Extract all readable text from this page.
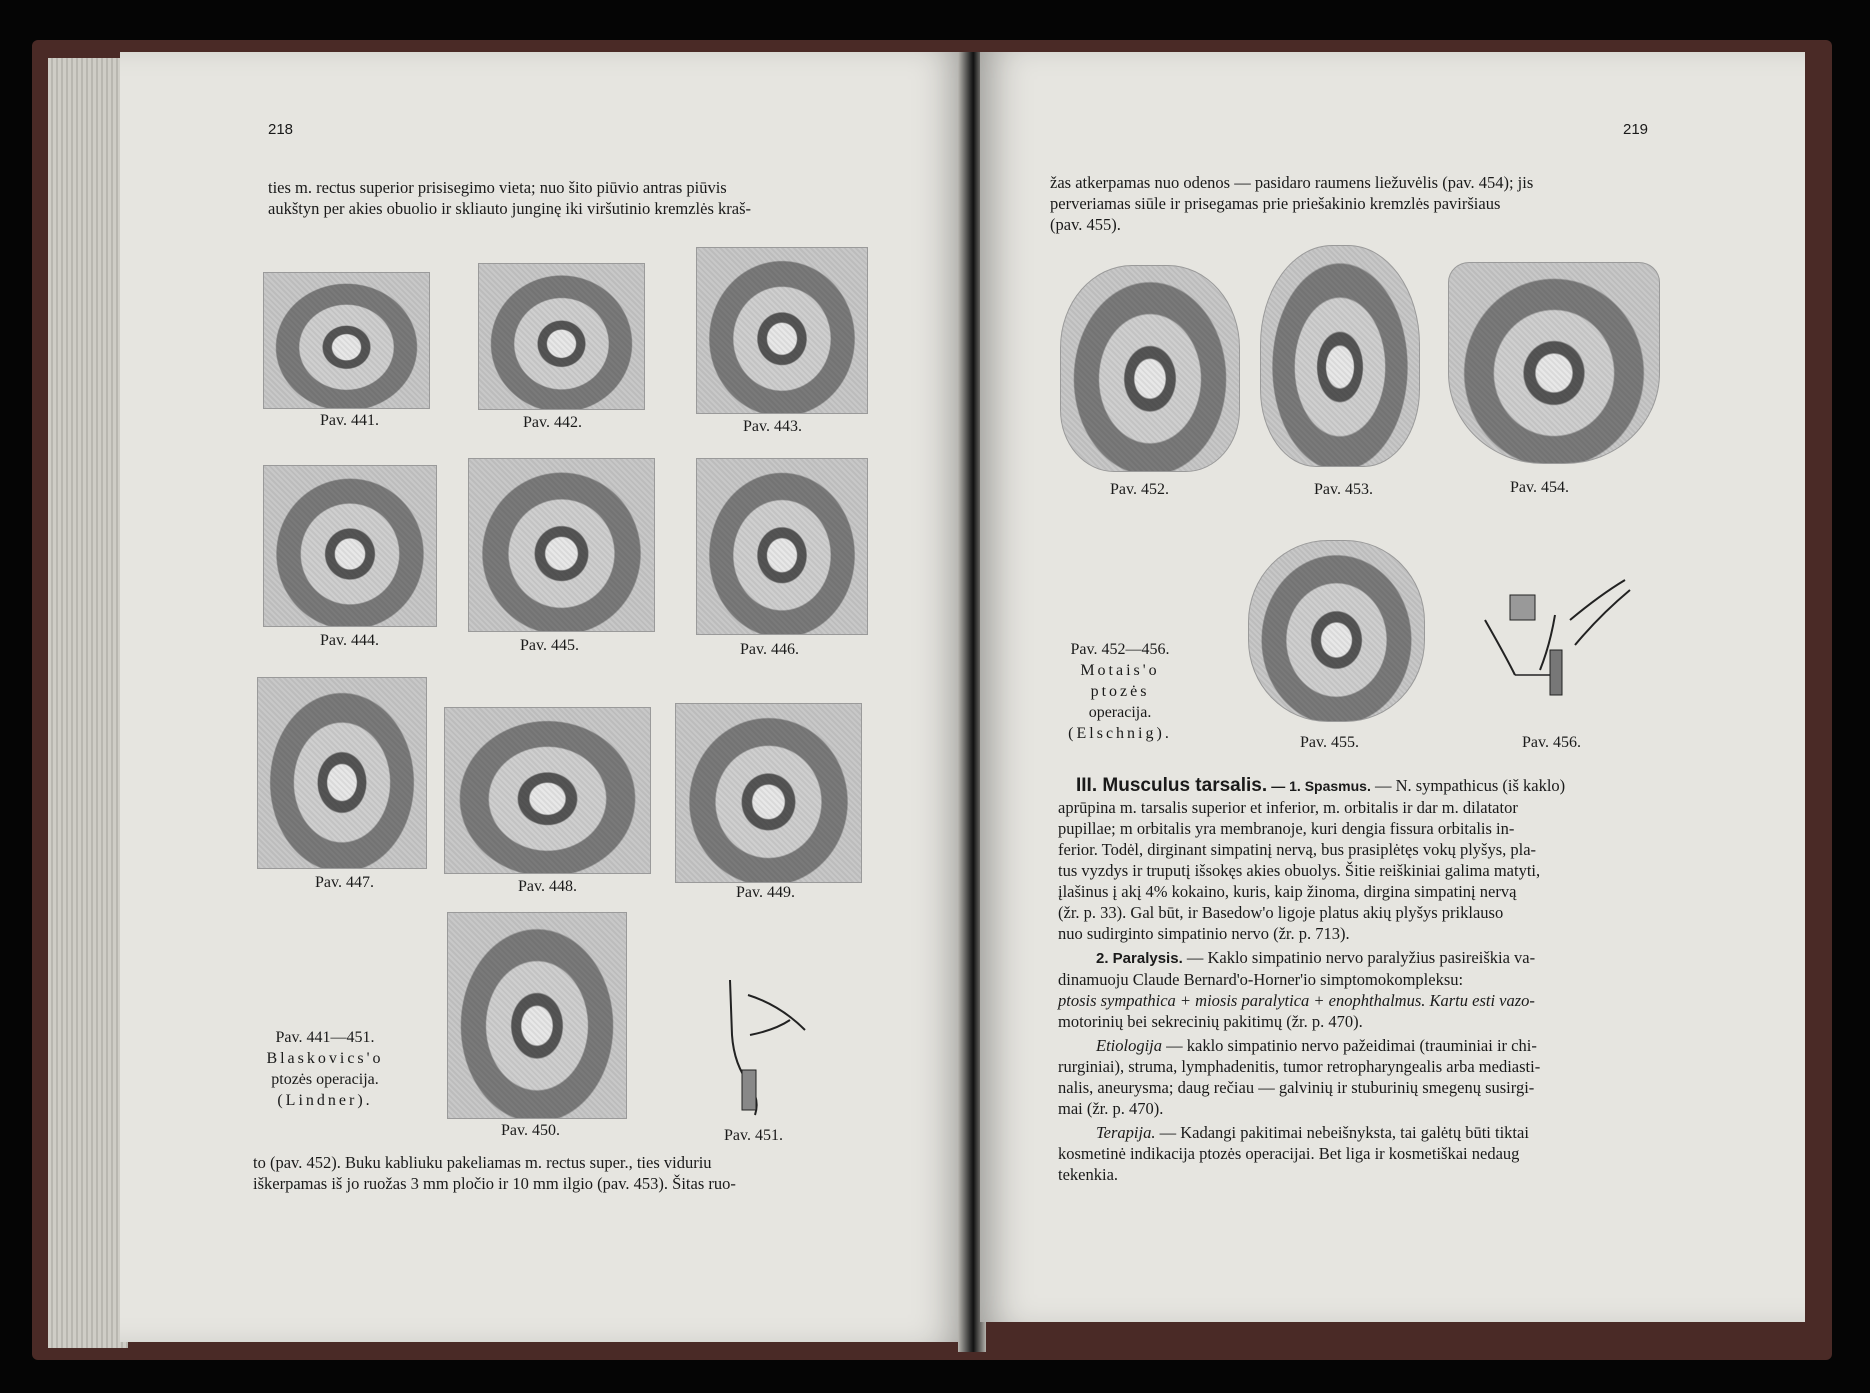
218

ties m. rectus superior prisisegimo vieta; nuo šito piūvio antras piūvis

aukštyn per akies obuolio ir skliauto junginę iki viršutinio kremzlės kraš-

Pav. 441.	Pav. 442.	Pav. 443.
Pav. 444.	Pav. 445.	Pav. 446.
Pav. 447.	Pav. 448.	Pav. 449.
Pav. 441—451.
Blaskovics'o
ptozės operacija.
(Lindner).
Pav. 450.	Pav. 451.

to (pav. 452). Buku kabliuku pakeliamas m. rectus super., ties viduriu

iškerpamas iš jo ruožas 3 mm pločio ir 10 mm ilgio (pav. 453). Šitas ruo-

219

žas atkerpamas nuo odenos — pasidaro raumens liežuvėlis (pav. 454); jis

perveriamas siūle ir prisegamas prie priešakinio kremzlės paviršiaus

(pav. 455).

Pav. 452.	Pav. 453.	Pav. 454.
Pav. 452—456.
Motais'o ptozės
operacija.
(Elschnig).
Pav. 455.	Pav. 456.

III. Musculus tarsalis. — 1. Spasmus. — N. sympathicus (iš kaklo)

aprūpina m. tarsalis superior et inferior, m. orbitalis ir dar m. dilatator

pupillae; m orbitalis yra membranoje, kuri dengia fissura orbitalis in-

ferior. Todėl, dirginant simpatinį nervą, bus prasiplėtęs vokų plyšys, pla-

tus vyzdys ir truputį išsokęs akies obuolys. Šitie reiškiniai galima matyti,

įlašinus į akį 4% kokaino, kuris, kaip žinoma, dirgina simpatinį nervą

(žr. p. 33). Gal būt, ir Basedow'o ligoje platus akių plyšys priklauso

nuo sudirginto simpatinio nervo (žr. p. 713).

2. Paralysis. — Kaklo simpatinio nervo paralyžius pasireiškia va-

dinamuoju Claude Bernard'o-Horner'io simptomokompleksu:

ptosis sympathica + miosis paralytica + enophthalmus. Kartu esti vazo-

motorinių bei sekrecinių pakitimų (žr. p. 470).

Etiologija — kaklo simpatinio nervo pažeidimai (trauminiai ir chi-

rurginiai), struma, lymphadenitis, tumor retropharyngealis arba mediasti-

nalis, aneurysma; daug rečiau — galvinių ir stuburinių smegenų susirgi-

mai (žr. p. 470).

Terapija. — Kadangi pakitimai nebeišnyksta, tai galėtų būti tiktai

kosmetinė indikacija ptozės operacijai. Bet liga ir kosmetiškai nedaug

tekenkia.
